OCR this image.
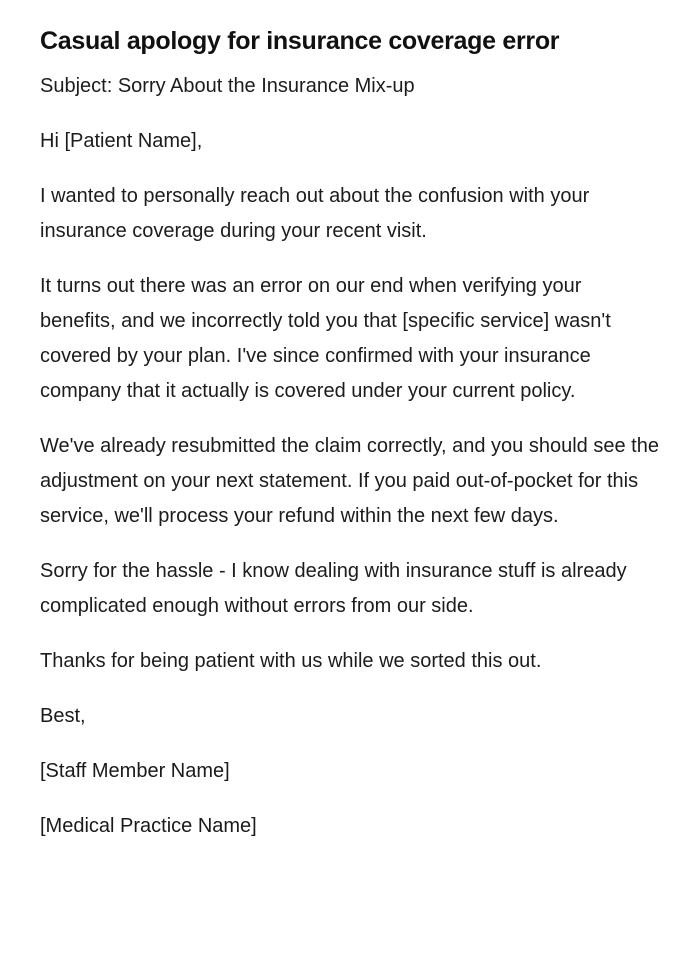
Casual apology for insurance coverage error

Subject: Sorry About the Insurance Mix-up

Hi [Patient Name],

I wanted to personally reach out about the confusion with your insurance coverage during your recent visit.

It turns out there was an error on our end when verifying your benefits, and we incorrectly told you that [specific service] wasn't covered by your plan. I've since confirmed with your insurance company that it actually is covered under your current policy.

We've already resubmitted the claim correctly, and you should see the adjustment on your next statement. If you paid out-of-pocket for this service, we'll process your refund within the next few days.

Sorry for the hassle - I know dealing with insurance stuff is already complicated enough without errors from our side.

Thanks for being patient with us while we sorted this out.

Best,

[Staff Member Name]

[Medical Practice Name]
